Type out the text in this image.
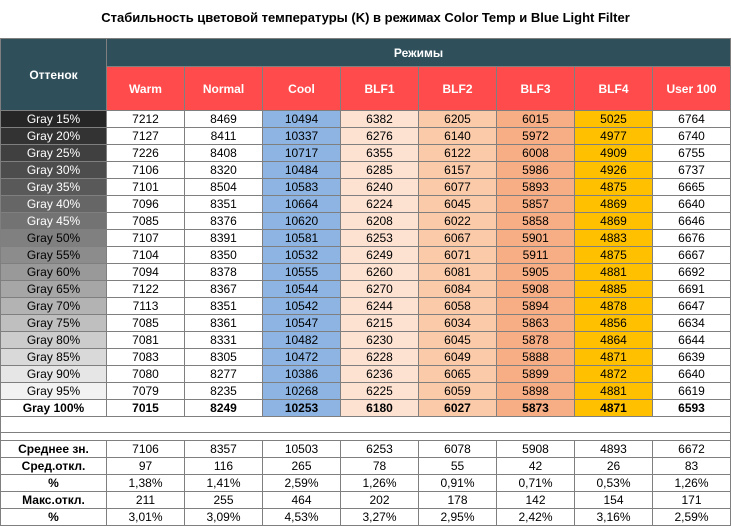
Стабильность цветовой температуры (K) в режимах Color Temp и Blue Light Filter
Оттенок	Режимы							
	Warm	Normal	Cool	BLF1	BLF2	BLF3	BLF4	User 100
Gray 15%	7212	8469	10494	6382	6205	6015	5025	6764
Gray 20%	7127	8411	10337	6276	6140	5972	4977	6740
Gray 25%	7226	8408	10717	6355	6122	6008	4909	6755
Gray 30%	7106	8320	10484	6285	6157	5986	4926	6737
Gray 35%	7101	8504	10583	6240	6077	5893	4875	6665
Gray 40%	7096	8351	10664	6224	6045	5857	4869	6640
Gray 45%	7085	8376	10620	6208	6022	5858	4869	6646
Gray 50%	7107	8391	10581	6253	6067	5901	4883	6676
Gray 55%	7104	8350	10532	6249	6071	5911	4875	6667
Gray 60%	7094	8378	10555	6260	6081	5905	4881	6692
Gray 65%	7122	8367	10544	6270	6084	5908	4885	6691
Gray 70%	7113	8351	10542	6244	6058	5894	4878	6647
Gray 75%	7085	8361	10547	6215	6034	5863	4856	6634
Gray 80%	7081	8331	10482	6230	6045	5878	4864	6644
Gray 85%	7083	8305	10472	6228	6049	5888	4871	6639
Gray 90%	7080	8277	10386	6236	6065	5899	4872	6640
Gray 95%	7079	8235	10268	6225	6059	5898	4881	6619
Gray 100%	7015	8249	10253	6180	6027	5873	4871	6593

Среднее зн.	7106	8357	10503	6253	6078	5908	4893	6672
Сред.откл.	97	116	265	78	55	42	26	83
%	1,38%	1,41%	2,59%	1,26%	0,91%	0,71%	0,53%	1,26%
Макс.откл.	211	255	464	202	178	142	154	171
%	3,01%	3,09%	4,53%	3,27%	2,95%	2,42%	3,16%	2,59%
